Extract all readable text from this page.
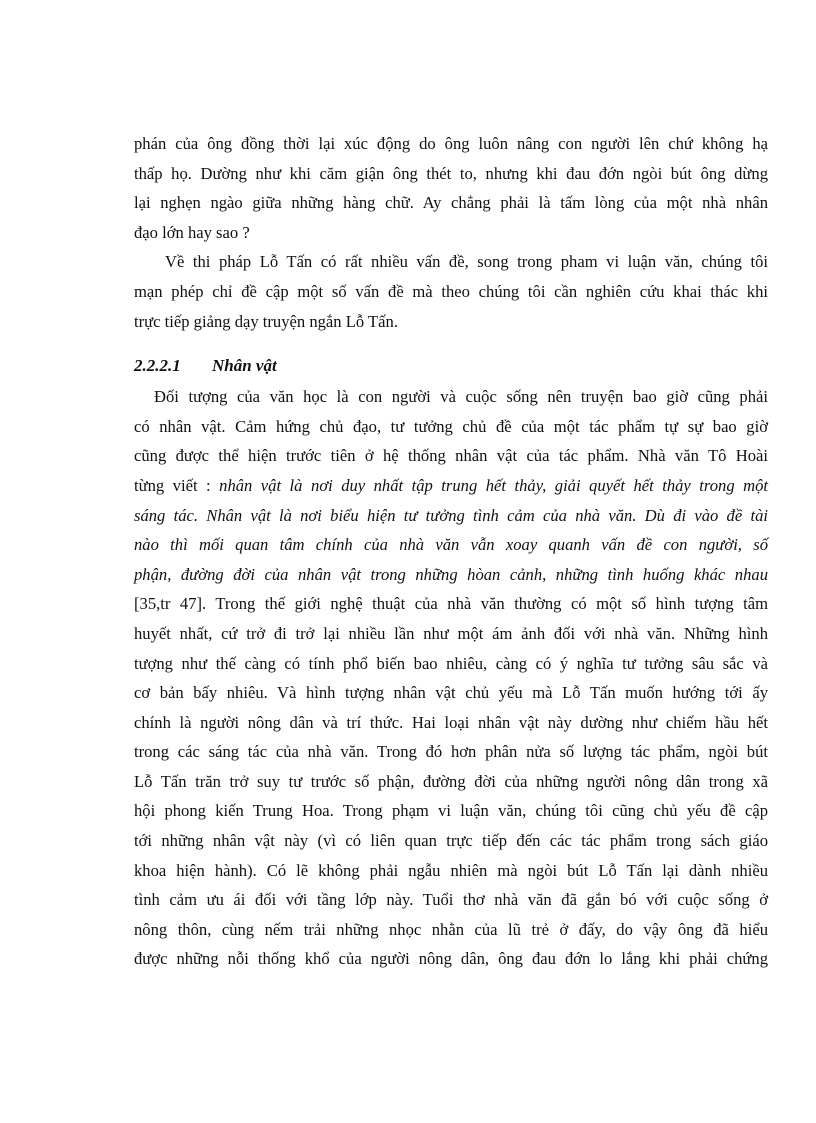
phán của ông đồng thời lại xúc động do ông luôn nâng con người lên chứ không hạ
thấp họ. Dường như khi căm giận ông thét to, nhưng khi đau đớn ngòi bút ông dừng
lại nghẹn ngào giữa những hàng chữ. Ay chẳng phải là tấm lòng của một nhà nhân
đạo lớn hay sao ?
Về thi pháp Lỗ Tấn có rất nhiều vấn đề, song trong pham vi luận văn, chúng tôi
mạn phép chỉ đề cập một số vấn đề mà theo chúng tôi cần nghiên cứu khai thác khi
trực tiếp giảng dạy truyện ngắn Lỗ Tấn.
2.2.2.1 Nhân vật
Đối tượng của văn học là con người và cuộc sống nên truyện bao giờ cũng phải
có nhân vật. Cảm hứng chủ đạo, tư tưởng chủ đề của một tác phẩm tự sự bao giờ
cũng được thể hiện trước tiên ở hệ thống nhân vật của tác phẩm. Nhà văn Tô Hoài
từng viết : nhân vật là nơi duy nhất tập trung hết thảy, giải quyết hết thảy trong một
sáng tác. Nhân vật là nơi biểu hiện tư tưởng tình cảm của nhà văn. Dù đi vào đề tài
nào thì mối quan tâm chính của nhà văn vẫn xoay quanh vấn đề con người, số
phận, đường đời của nhân vật trong những hòan cảnh, những tình huống khác nhau
[35,tr 47]. Trong thế giới nghệ thuật của nhà văn thường có một số hình tượng tâm
huyết nhất, cứ trở đi trở lại nhiều lần như một ám ảnh đối với nhà văn. Những hình
tượng như thế càng có tính phổ biến bao nhiêu, càng có ý nghĩa tư tưởng sâu sắc và
cơ bản bấy nhiêu. Và hình tượng nhân vật chủ yếu mà Lỗ Tấn muốn hướng tới ấy
chính là người nông dân và trí thức. Hai loại nhân vật này dường như chiếm hầu hết
trong các sáng tác của nhà văn. Trong đó hơn phân nửa số lượng tác phẩm, ngòi bút
Lỗ Tấn trăn trở suy tư trước số phận, đường đời của những người nông dân trong xã
hội phong kiến Trung Hoa. Trong phạm vi luận văn, chúng tôi cũng chủ yếu đề cập
tới những nhân vật này (vì có liên quan trực tiếp đến các tác phẩm trong sách giáo
khoa hiện hành). Có lẽ không phải ngẫu nhiên mà ngòi bút Lỗ Tấn lại dành nhiều
tình cảm ưu ái đối với tầng lớp này. Tuổi thơ nhà văn đã gắn bó với cuộc sống ở
nông thôn, cùng nếm trải những nhọc nhằn của lũ trẻ ở đấy, do vậy ông đã hiểu
được những nỗi thống khổ của người nông dân, ông đau đớn lo lắng khi phải chứng
